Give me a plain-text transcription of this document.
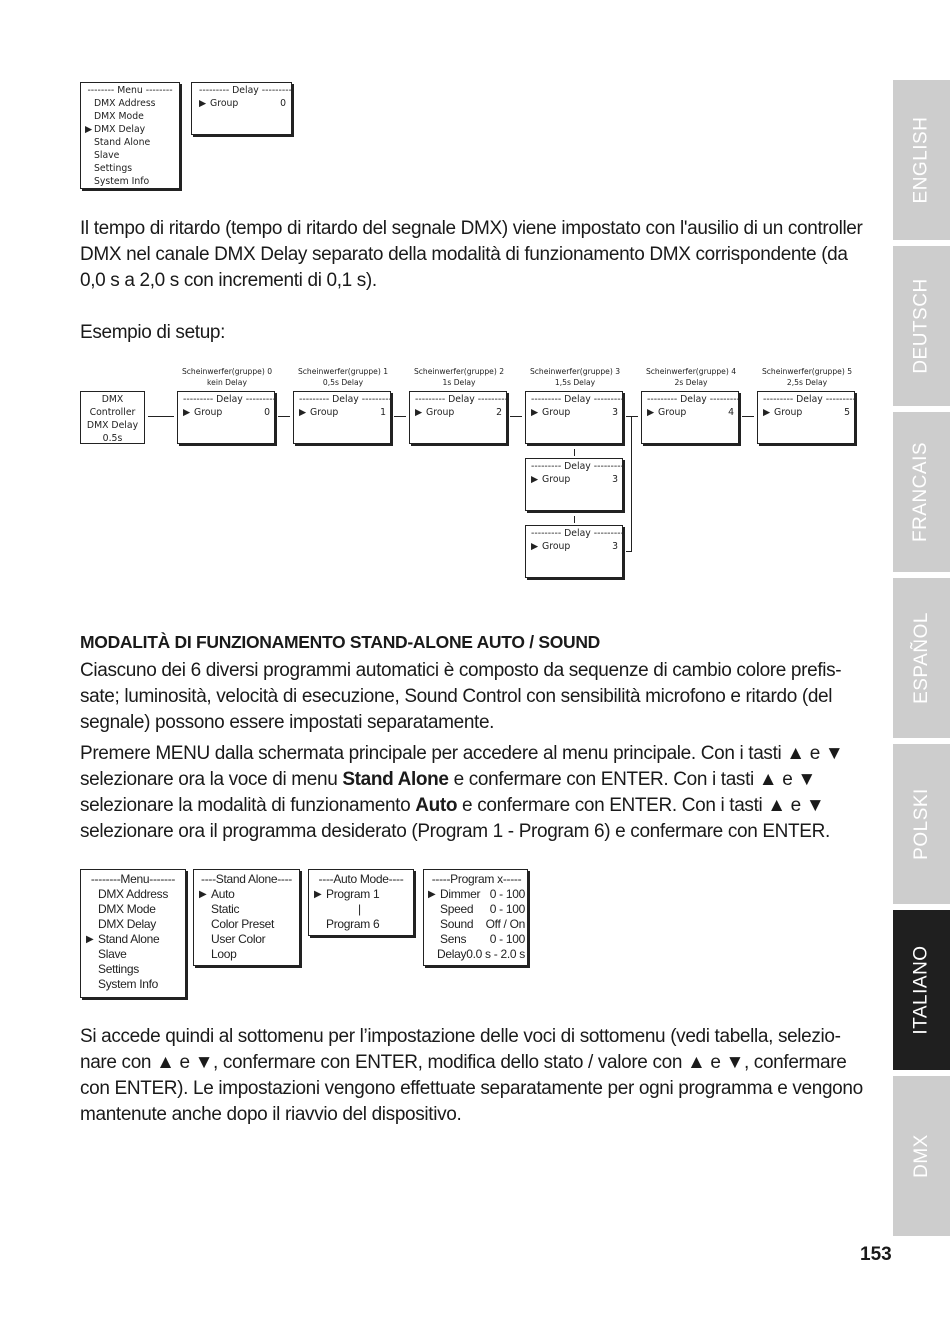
ENGLISH
DEUTSCH
FRANCAIS
ESPAÑOL
POLSKI
ITALIANO
DMX
153
-------- Menu --------
DMX Address
DMX Mode
▶ DMX Delay
Stand Alone
Slave
Settings
System Info
--------- Delay ---------
▶ Group	0
Il tempo di ritardo (tempo di ritardo del segnale DMX) viene impostato con l'ausilio di un controller DMX nel canale DMX Delay separato della modalità di funzionamento DMX corrispondente (da 0,0 s a 2,0 s con incrementi di 0,1 s).
Esempio di setup:
DMX
Controller
DMX Delay
0.5s
Scheinwerfer(gruppe) 0
kein Delay
--------- Delay ---------
▶ Group	0
Scheinwerfer(gruppe) 1
0,5s Delay
--------- Delay ---------
▶ Group	1
Scheinwerfer(gruppe) 2
1s Delay
--------- Delay ---------
▶ Group	2
Scheinwerfer(gruppe) 3
1,5s Delay
--------- Delay ---------
▶ Group	3
Scheinwerfer(gruppe) 4
2s Delay
--------- Delay ---------
▶ Group	4
Scheinwerfer(gruppe) 5
2,5s Delay
--------- Delay ---------
▶ Group	5
--------- Delay ---------
▶ Group	3
--------- Delay ---------
▶ Group	3
MODALITÀ DI FUNZIONAMENTO STAND-ALONE AUTO / SOUND
Ciascuno dei 6 diversi programmi automatici è composto da sequenze di cambio colore prefis-sate; luminosità, velocità di esecuzione, Sound Control con sensibilità microfono e ritardo (del segnale) possono essere impostati separatamente.
Premere MENU dalla schermata principale per accedere al menu principale. Con i tasti ▲ e ▼ selezionare ora la voce di menu Stand Alone e confermare con ENTER. Con i tasti ▲ e ▼ selezionare la modalità di funzionamento Auto e confermare con ENTER. Con i tasti ▲ e ▼ selezionare ora il programma desiderato (Program 1 - Program 6) e confermare con ENTER.
--------Menu-------
DMX Address
DMX Mode
DMX Delay
▶ Stand Alone
Slave
Settings
System Info
----Stand Alone----
▶ Auto
Static
Color Preset
User Color
Loop
----Auto Mode----
▶ Program 1
|
Program 6
-----Program x-----
▶ Dimmer 0 - 100
Speed 0 - 100
Sound Off / On
Sens 0 - 100
Delay 0.0 s - 2.0 s
Si accede quindi al sottomenu per l’impostazione delle voci di sottomenu (vedi tabella, selezio-nare con ▲ e ▼, confermare con ENTER, modifica dello stato / valore con ▲ e ▼, confermare con ENTER). Le impostazioni vengono effettuate separatamente per ogni programma e vengono mantenute anche dopo il riavvio del dispositivo.
